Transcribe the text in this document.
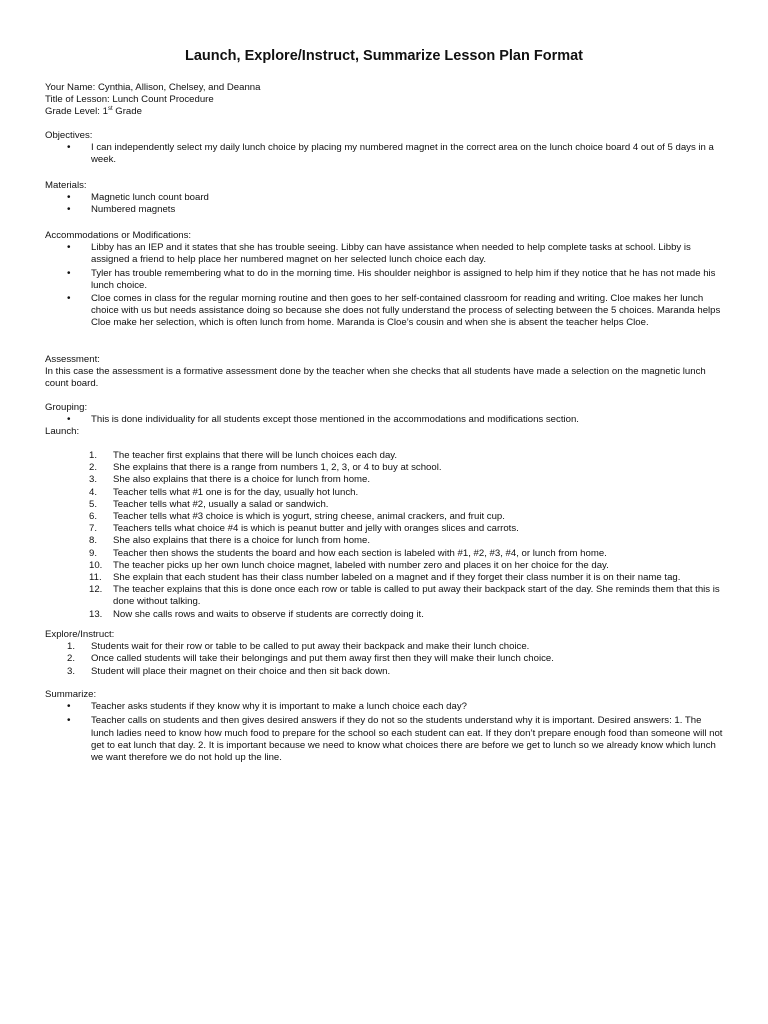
Launch, Explore/Instruct, Summarize Lesson Plan Format
Your Name: Cynthia, Allison, Chelsey, and Deanna
Title of Lesson: Lunch Count Procedure
Grade Level: 1st Grade
Objectives:
• I can independently select my daily lunch choice by placing my numbered magnet in the correct area on the lunch choice board 4 out of 5 days in a week.
Materials:
• Magnetic lunch count board
• Numbered magnets
Accommodations or Modifications:
• Libby has an IEP and it states that she has trouble seeing. Libby can have assistance when needed to help complete tasks at school. Libby is assigned a friend to help place her numbered magnet on her selected lunch choice each day.
• Tyler has trouble remembering what to do in the morning time. His shoulder neighbor is assigned to help him if they notice that he has not made his lunch choice.
• Cloe comes in class for the regular morning routine and then goes to her self-contained classroom for reading and writing. Cloe makes her lunch choice with us but needs assistance doing so because she does not fully understand the process of selecting between the 5 choices. Maranda helps Cloe make her selection, which is often lunch from home. Maranda is Cloe’s cousin and when she is absent the teacher helps Cloe.
Assessment:
In this case the assessment is a formative assessment done by the teacher when she checks that all students have made a selection on the magnetic lunch count board.
Grouping:
• This is done individuality for all students except those mentioned in the accommodations and modifications section.
Launch:
1. The teacher first explains that there will be lunch choices each day.
2. She explains that there is a range from numbers 1, 2, 3, or 4 to buy at school.
3. She also explains that there is a choice for lunch from home.
4. Teacher tells what #1 one is for the day, usually hot lunch.
5. Teacher tells what #2, usually a salad or sandwich.
6. Teacher tells what #3 choice is which is yogurt, string cheese, animal crackers, and fruit cup.
7. Teachers tells what choice #4 is which is peanut butter and jelly with oranges slices and carrots.
8. She also explains that there is a choice for lunch from home.
9. Teacher then shows the students the board and how each section is labeled with #1, #2, #3, #4, or lunch from home.
10. The teacher picks up her own lunch choice magnet, labeled with number zero and places it on her choice for the day.
11. She explain that each student has their class number labeled on a magnet and if they forget their class number it is on their name tag.
12. The teacher explains that this is done once each row or table is called to put away their backpack start of the day. She reminds them that this is done without talking.
13. Now she calls rows and waits to observe if students are correctly doing it.
Explore/Instruct:
1. Students wait for their row or table to be called to put away their backpack and make their lunch choice.
2. Once called students will take their belongings and put them away first then they will make their lunch choice.
3. Student will place their magnet on their choice and then sit back down.
Summarize:
• Teacher asks students if they know why it is important to make a lunch choice each day?
• Teacher calls on students and then gives desired answers if they do not so the students understand why it is important. Desired answers: 1. The lunch ladies need to know how much food to prepare for the school so each student can eat. If they don’t prepare enough food than someone will not get to eat lunch that day. 2. It is important because we need to know what choices there are before we get to lunch so we already know which lunch we want therefore we do not hold up the line.
